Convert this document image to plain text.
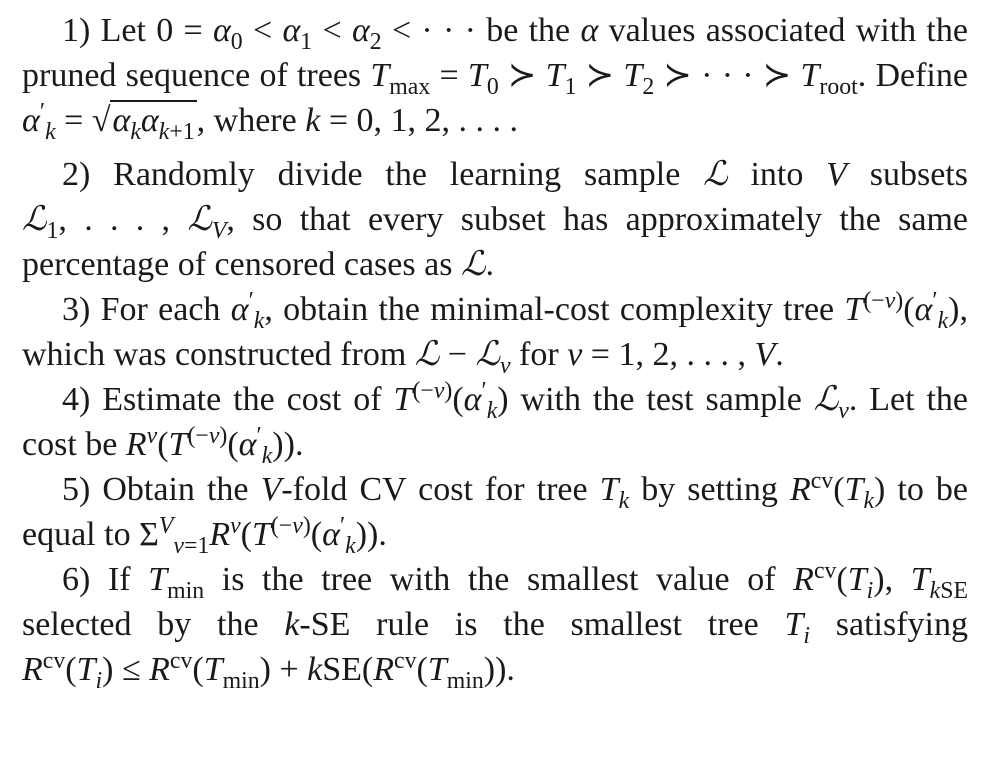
1) Let $0 = \alpha_0 < \alpha_1 < \alpha_2$ < · · · be the α values associated with the pruned sequence of trees $T_{max} = T_0$ ≻ $T_1$ ≻ $T_2$ ≻ · · · ≻ $T_{root}$. Define $\alpha'_k = √\alpha_k\alpha_{k+1}$, where k = 0, 1, 2, . . . .

2) Randomly divide the learning sample ℒ into V subsets ℒ$_1$, . . . , ℒ$_V$, so that every subset has approximately the same percentage of censored cases as ℒ.

3) For each $\alpha'_k$, obtain the minimal-cost complexity tree $T^{(-v)}(\alpha'_k)$, which was constructed from ℒ − ℒ$_v$ for v = 1, 2, . . . , V.

4) Estimate the cost of $T^{(-v)}(\alpha'_k)$ with the test sample ℒ$_v$. Let the cost be $R^v(T^{(-v)}(\alpha'_k))$.

5) Obtain the V-fold CV cost for tree $T_k$ by setting $R^{cv}(T_k)$ to be equal to $\Sigma^V_{v=1}R^v(T^{(-v)}(\alpha'_k))$.

6) If $T_{min}$ is the tree with the smallest value of $R^{cv}(T_i)$, $T_{kSE}$ selected by the k-SE rule is the smallest tree $T_i$ satisfying $R^{cv}(T_i) \le R^{cv}(T_{min}) + kSE(R^{cv}(T_{min}))$.
